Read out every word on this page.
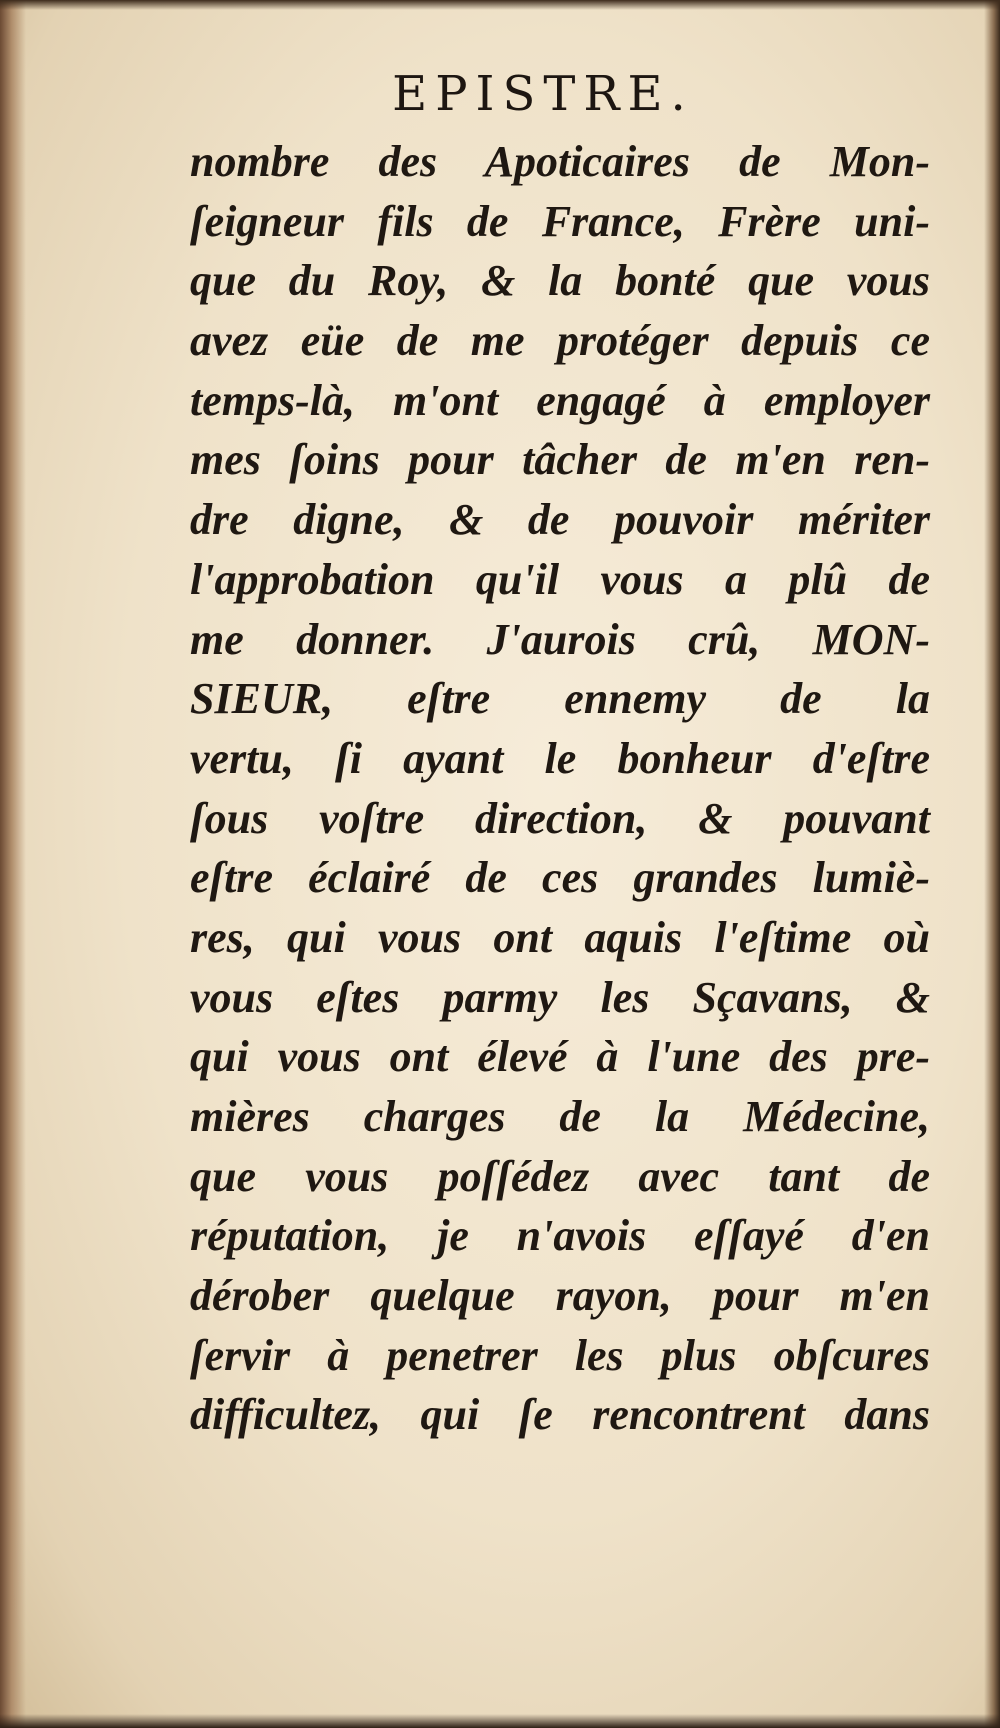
EPISTRE.
nombre des Apoticaires de Mon-
ſeigneur fils de France, Frère uni-
que du Roy, & la bonté que vous
avez eüe de me protéger depuis ce
temps-là, m'ont engagé à employer
mes ſoins pour tâcher de m'en ren-
dre digne, & de pouvoir mériter
l'approbation qu'il vous a plû de
me donner. J'aurois crû, MON-
SIEUR, eſtre ennemy de la
vertu, ſi ayant le bonheur d'eſtre
ſous voſtre direction, & pouvant
eſtre éclairé de ces grandes lumiè-
res, qui vous ont aquis l'eſtime où
vous eſtes parmy les Sçavans, &
qui vous ont élevé à l'une des pre-
mières charges de la Médecine,
que vous poſſédez avec tant de
réputation, je n'avois eſſayé d'en
dérober quelque rayon, pour m'en
ſervir à penetrer les plus obſcures
difficultez, qui ſe rencontrent dans
